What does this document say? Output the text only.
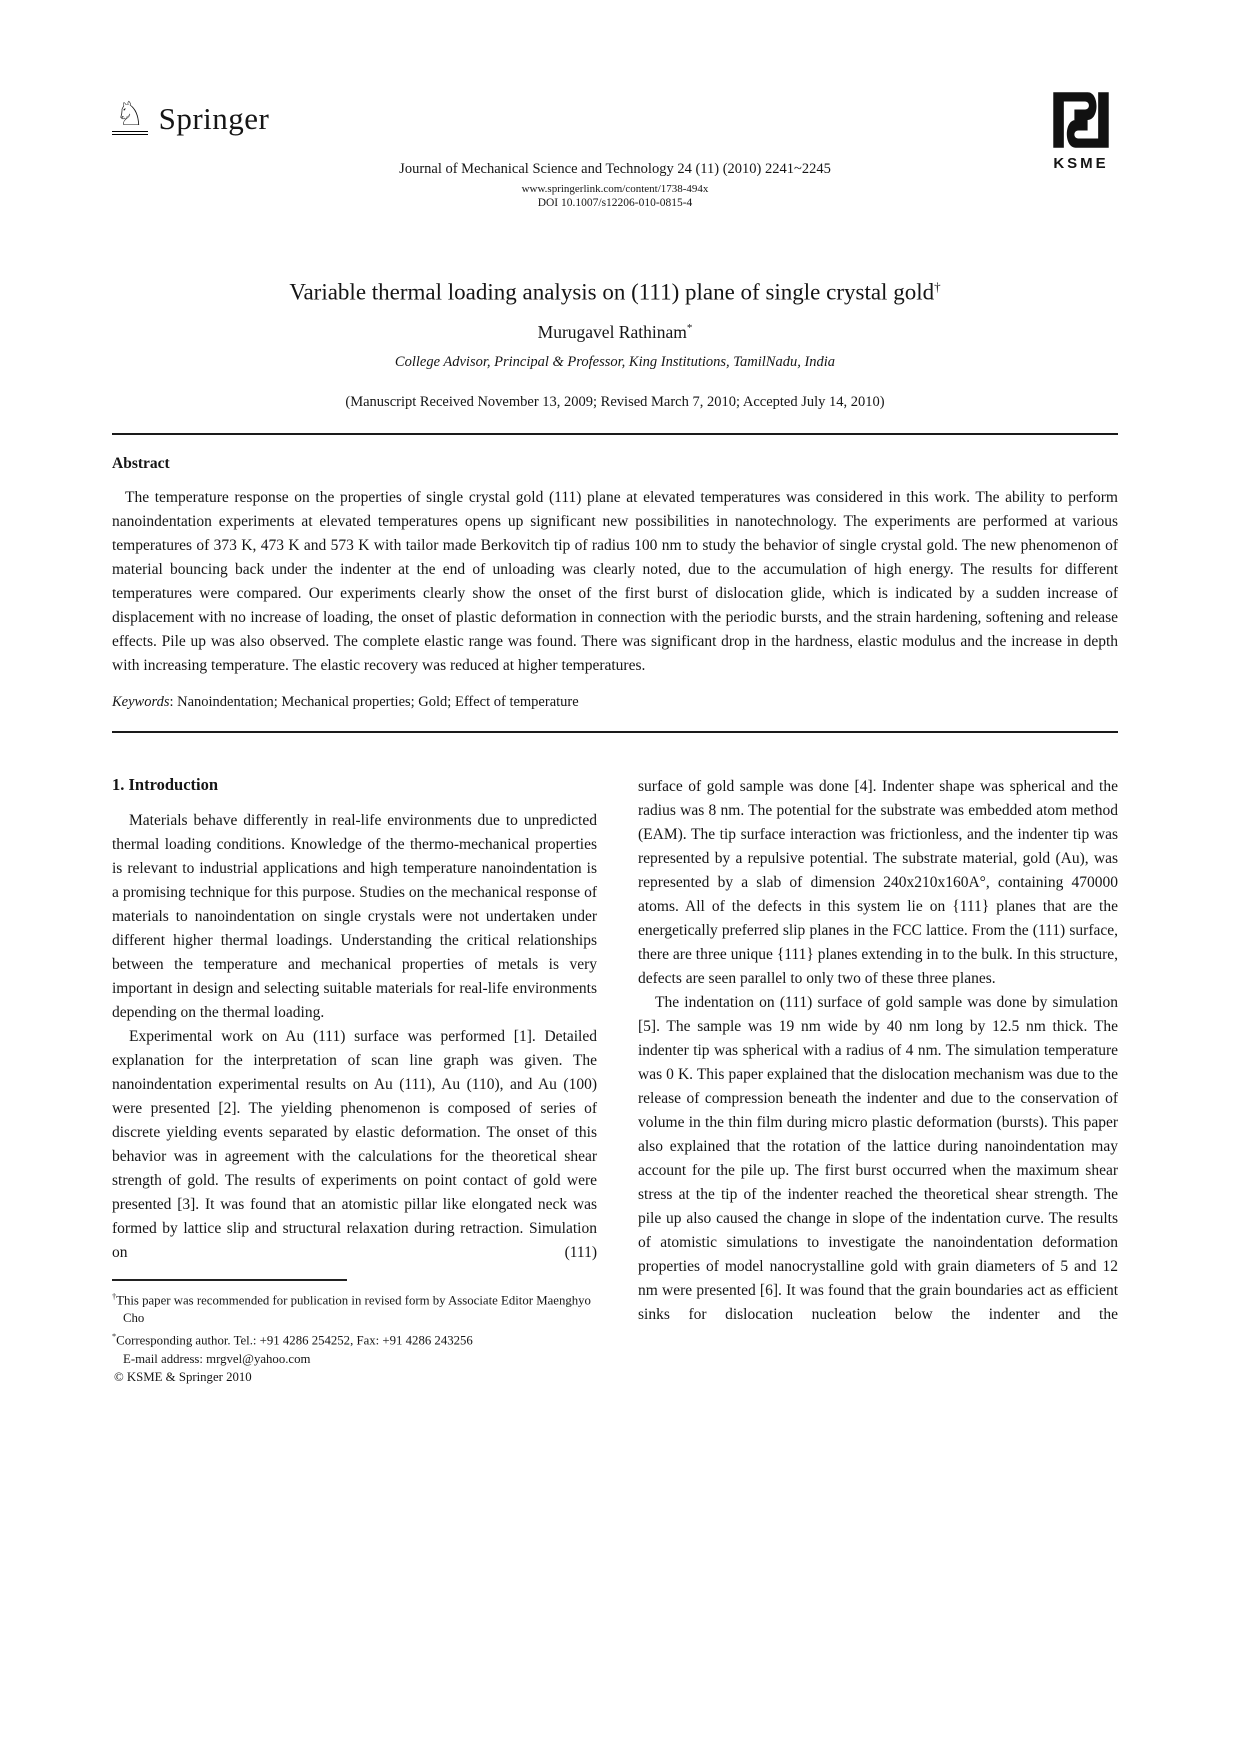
♘ Springer
KSME
Journal of Mechanical Science and Technology 24 (11) (2010) 2241~2245
www.springerlink.com/content/1738-494x
DOI 10.1007/s12206-010-0815-4
Variable thermal loading analysis on (111) plane of single crystal gold†
Murugavel Rathinam*
College Advisor, Principal & Professor, King Institutions, TamilNadu, India
(Manuscript Received November 13, 2009; Revised March 7, 2010; Accepted July 14, 2010)
Abstract

The temperature response on the properties of single crystal gold (111) plane at elevated temperatures was considered in this work. The ability to perform nanoindentation experiments at elevated temperatures opens up significant new possibilities in nanotechnology. The experiments are performed at various temperatures of 373 K, 473 K and 573 K with tailor made Berkovitch tip of radius 100 nm to study the behavior of single crystal gold. The new phenomenon of material bouncing back under the indenter at the end of unloading was clearly noted, due to the accumulation of high energy. The results for different temperatures were compared. Our experiments clearly show the onset of the first burst of dislocation glide, which is indicated by a sudden increase of displacement with no increase of loading, the onset of plastic deformation in connection with the periodic bursts, and the strain hardening, softening and release effects. Pile up was also observed. The complete elastic range was found. There was significant drop in the hardness, elastic modulus and the increase in depth with increasing temperature. The elastic recovery was reduced at higher temperatures.

Keywords: Nanoindentation; Mechanical properties; Gold; Effect of temperature

1. Introduction

Materials behave differently in real-life environments due to unpredicted thermal loading conditions. Knowledge of the thermo-mechanical properties is relevant to industrial applications and high temperature nanoindentation is a promising technique for this purpose. Studies on the mechanical response of materials to nanoindentation on single crystals were not undertaken under different higher thermal loadings. Understanding the critical relationships between the temperature and mechanical properties of metals is very important in design and selecting suitable materials for real-life environments depending on the thermal loading.

Experimental work on Au (111) surface was performed [1]. Detailed explanation for the interpretation of scan line graph was given. The nanoindentation experimental results on Au (111), Au (110), and Au (100) were presented [2]. The yielding phenomenon is composed of series of discrete yielding events separated by elastic deformation. The onset of this behavior was in agreement with the calculations for the theoretical shear strength of gold. The results of experiments on point contact of gold were presented [3]. It was found that an atomistic pillar like elongated neck was formed by lattice slip and structural relaxation during retraction. Simulation on (111)

†This paper was recommended for publication in revised form by Associate Editor Maenghyo Cho
*Corresponding author. Tel.: +91 4286 254252, Fax: +91 4286 243256
E-mail address: mrgvel@yahoo.com
© KSME & Springer 2010

surface of gold sample was done [4]. Indenter shape was spherical and the radius was 8 nm. The potential for the substrate was embedded atom method (EAM). The tip surface interaction was frictionless, and the indenter tip was represented by a repulsive potential. The substrate material, gold (Au), was represented by a slab of dimension 240x210x160A°, containing 470000 atoms. All of the defects in this system lie on {111} planes that are the energetically preferred slip planes in the FCC lattice. From the (111) surface, there are three unique {111} planes extending in to the bulk. In this structure, defects are seen parallel to only two of these three planes.

The indentation on (111) surface of gold sample was done by simulation [5]. The sample was 19 nm wide by 40 nm long by 12.5 nm thick. The indenter tip was spherical with a radius of 4 nm. The simulation temperature was 0 K. This paper explained that the dislocation mechanism was due to the release of compression beneath the indenter and due to the conservation of volume in the thin film during micro plastic deformation (bursts). This paper also explained that the rotation of the lattice during nanoindentation may account for the pile up. The first burst occurred when the maximum shear stress at the tip of the indenter reached the theoretical shear strength. The pile up also caused the change in slope of the indentation curve. The results of atomistic simulations to investigate the nanoindentation deformation properties of model nanocrystalline gold with grain diameters of 5 and 12 nm were presented [6]. It was found that the grain boundaries act as efficient sinks for dislocation nucleation below the indenter and the
